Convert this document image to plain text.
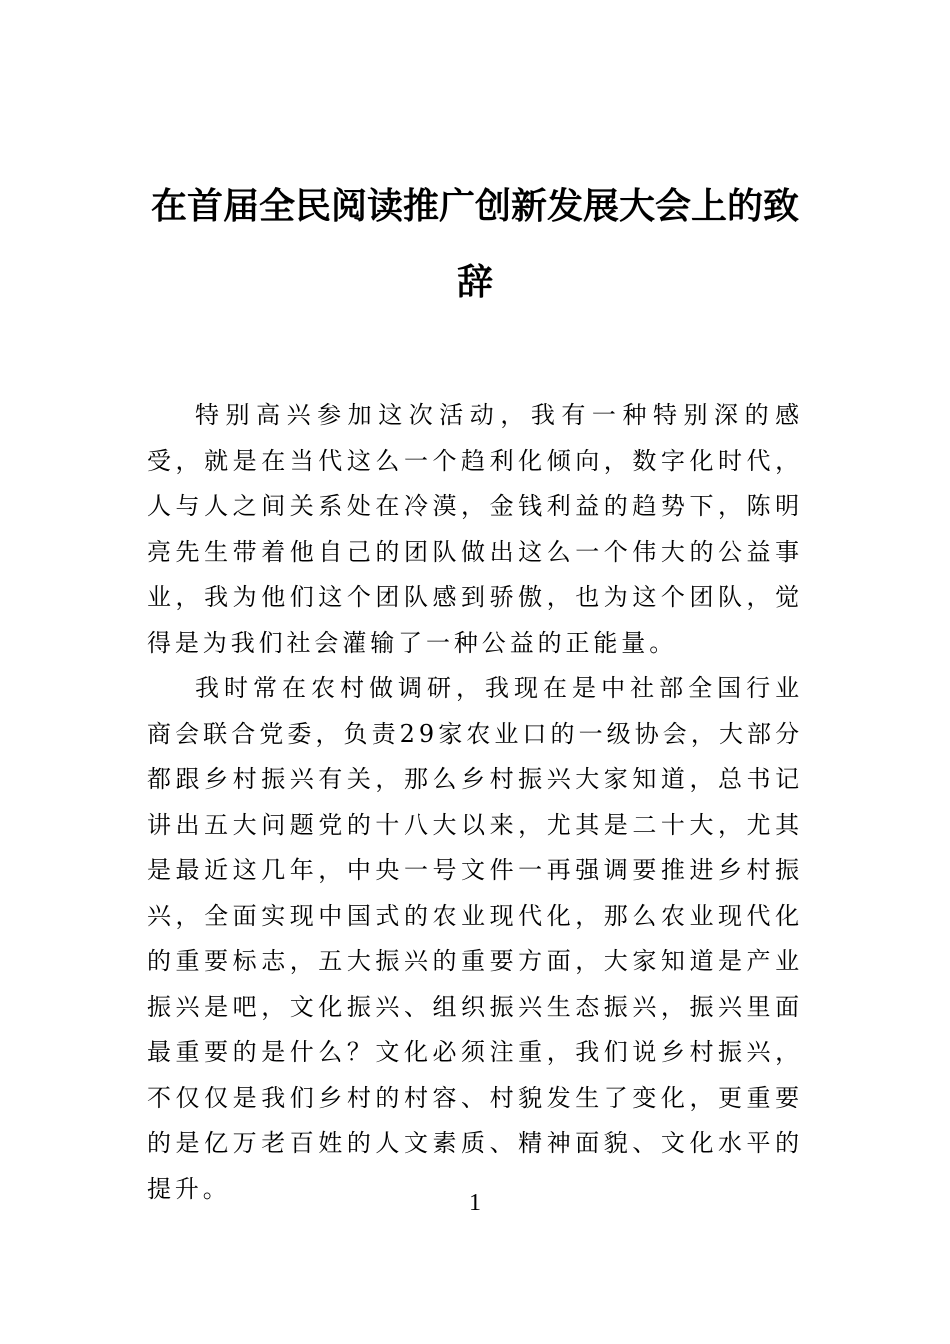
在首届全民阅读推广创新发展大会上的致辞

特别高兴参加这次活动，我有一种特别深的感受，就是在当代这么一个趋利化倾向，数字化时代，人与人之间关系处在冷漠，金钱利益的趋势下，陈明亮先生带着他自己的团队做出这么一个伟大的公益事业，我为他们这个团队感到骄傲，也为这个团队，觉得是为我们社会灌输了一种公益的正能量。

我时常在农村做调研，我现在是中社部全国行业商会联合党委，负责29家农业口的一级协会，大部分都跟乡村振兴有关，那么乡村振兴大家知道，总书记讲出五大问题党的十八大以来，尤其是二十大，尤其是最近这几年，中央一号文件一再强调要推进乡村振兴，全面实现中国式的农业现代化，那么农业现代化的重要标志，五大振兴的重要方面，大家知道是产业振兴是吧，文化振兴、组织振兴生态振兴，振兴里面最重要的是什么？文化必须注重，我们说乡村振兴，不仅仅是我们乡村的村容、村貌发生了变化，更重要的是亿万老百姓的人文素质、精神面貌、文化水平的提升。

1
